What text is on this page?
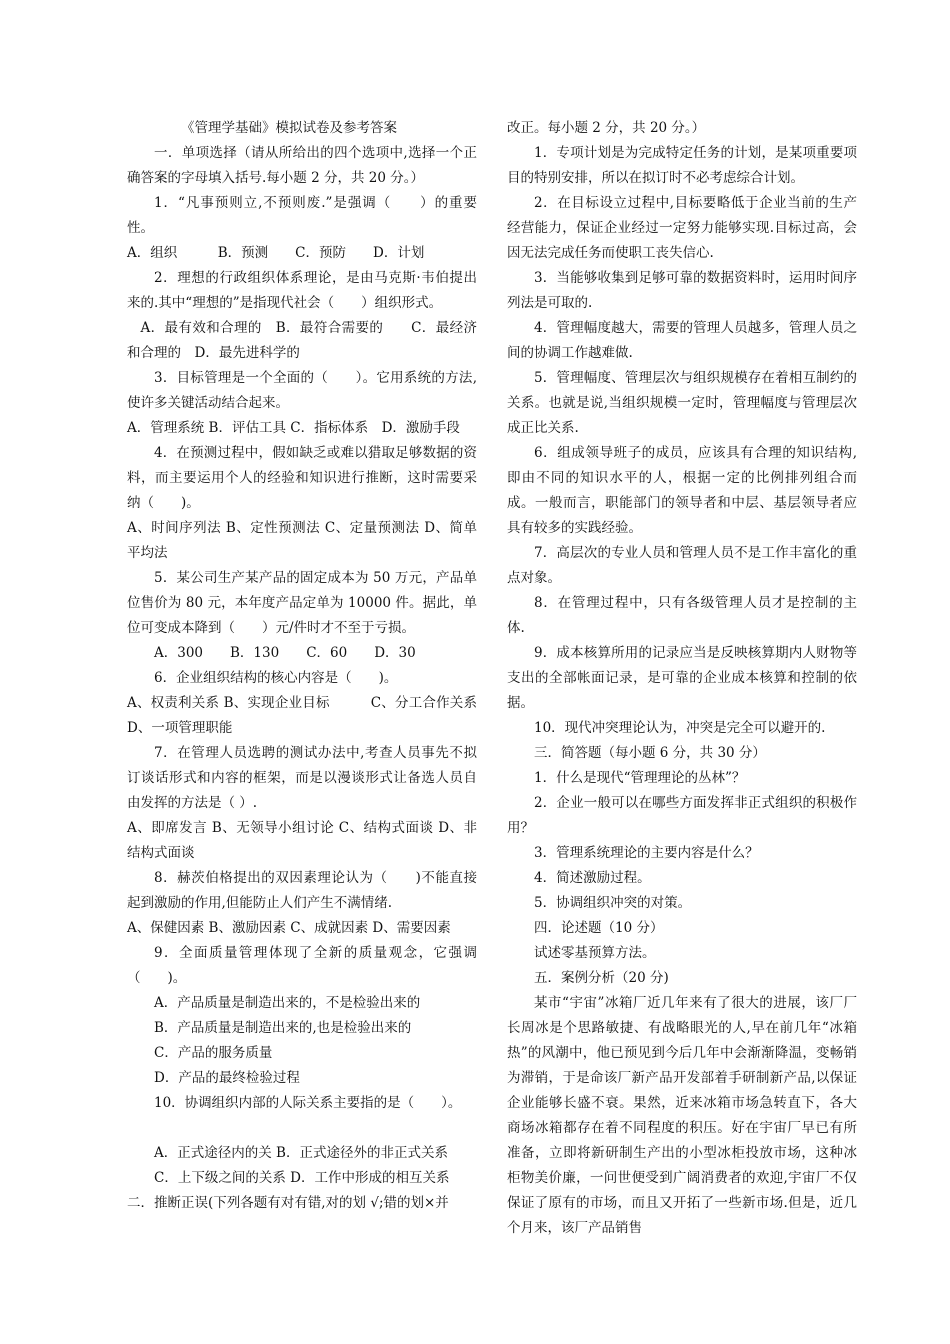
《管理学基础》模拟试卷及参考答案

一．单项选择（请从所给出的四个选项中,选择一个正确答案的字母填入括号.每小题 2 分，共 20 分。）

1．“凡事预则立,不预则废.”是强调（　　）的重要性。

A．组织　　　B．预测　　C．预防　　D．计划

2．理想的行政组织体系理论，是由马克斯·韦伯提出来的.其中“理想的”是指现代社会（　　）组织形式。

A．最有效和合理的　B．最符合需要的　　C．最经济和合理的　D．最先进科学的

3．目标管理是一个全面的（　　）。它用系统的方法,使许多关键活动结合起来。

A．管理系统 B．评估工具 C．指标体系　D．激励手段

4．在预测过程中，假如缺乏或难以猎取足够数据的资料，而主要运用个人的经验和知识进行推断，这时需要采纳（　　)。

A、时间序列法 B、定性预测法 C、定量预测法 D、简单平均法

5．某公司生产某产品的固定成本为 50 万元，产品单位售价为 80 元，本年度产品定单为 10000 件。据此，单位可变成本降到（　　）元/件时才不至于亏损。

A．300　　B．130　　C．60　　D．30

6．企业组织结构的核心内容是（　　)。

A、权责利关系 B、实现企业目标　　　C、分工合作关系　D、一项管理职能

7．在管理人员选聘的测试办法中,考查人员事先不拟订谈话形式和内容的框架，而是以漫谈形式让备选人员自由发挥的方法是（ ）.

A、即席发言 B、无领导小组讨论 C、结构式面谈 D、非结构式面谈

8．赫茨伯格提出的双因素理论认为（　　)不能直接起到激励的作用,但能防止人们产生不满情绪.

A、保健因素 B、激励因素 C、成就因素 D、需要因素

9．全面质量管理体现了全新的质量观念，它强调（　　)。

A．产品质量是制造出来的，不是检验出来的

B．产品质量是制造出来的,也是检验出来的

C．产品的服务质量

D．产品的最终检验过程

10．协调组织内部的人际关系主要指的是（　　）。

A．正式途径内的关 B．正式途径外的非正式关系

C．上下级之间的关系 D．工作中形成的相互关系

二．推断正误(下列各题有对有错,对的划 √;错的划×并

改正。每小题 2 分，共 20 分。）

1．专项计划是为完成特定任务的计划，是某项重要项目的特别安排，所以在拟订时不必考虑综合计划。

2．在目标设立过程中,目标要略低于企业当前的生产经营能力，保证企业经过一定努力能够实现.目标过高，会因无法完成任务而使职工丧失信心.

3．当能够收集到足够可靠的数据资料时，运用时间序列法是可取的.

4．管理幅度越大，需要的管理人员越多，管理人员之间的协调工作越难做.

5．管理幅度、管理层次与组织规模存在着相互制约的关系。也就是说,当组织规模一定时，管理幅度与管理层次成正比关系.

6．组成领导班子的成员，应该具有合理的知识结构,即由不同的知识水平的人，根据一定的比例排列组合而成。一般而言，职能部门的领导者和中层、基层领导者应具有较多的实践经验。

7．高层次的专业人员和管理人员不是工作丰富化的重点对象。

8．在管理过程中，只有各级管理人员才是控制的主体.

9．成本核算所用的记录应当是反映核算期内人财物等支出的全部帐面记录，是可靠的企业成本核算和控制的依据。

10．现代冲突理论认为，冲突是完全可以避开的.

三．简答题（每小题 6 分，共 30 分）

1．什么是现代“管理理论的丛林”？

2．企业一般可以在哪些方面发挥非正式组织的积极作用？

3．管理系统理论的主要内容是什么？

4．简述激励过程。

5．协调组织冲突的对策。

四．论述题（10 分）

试述零基预算方法。

五．案例分析（20 分)

某市“宇宙”冰箱厂近几年来有了很大的进展，该厂厂长周冰是个思路敏捷、有战略眼光的人,早在前几年“冰箱热”的风潮中，他已预见到今后几年中会渐渐降温，变畅销为滞销，于是命该厂新产品开发部着手研制新产品,以保证企业能够长盛不衰。果然，近来冰箱市场急转直下，各大商场冰箱都存在着不同程度的积压。好在宇宙厂早已有所准备，立即将新研制生产出的小型冰柜投放市场，这种冰柜物美价廉，一问世便受到广阔消费者的欢迎,宇宙厂不仅保证了原有的市场，而且又开拓了一些新市场.但是，近几个月来，该厂产品销售
